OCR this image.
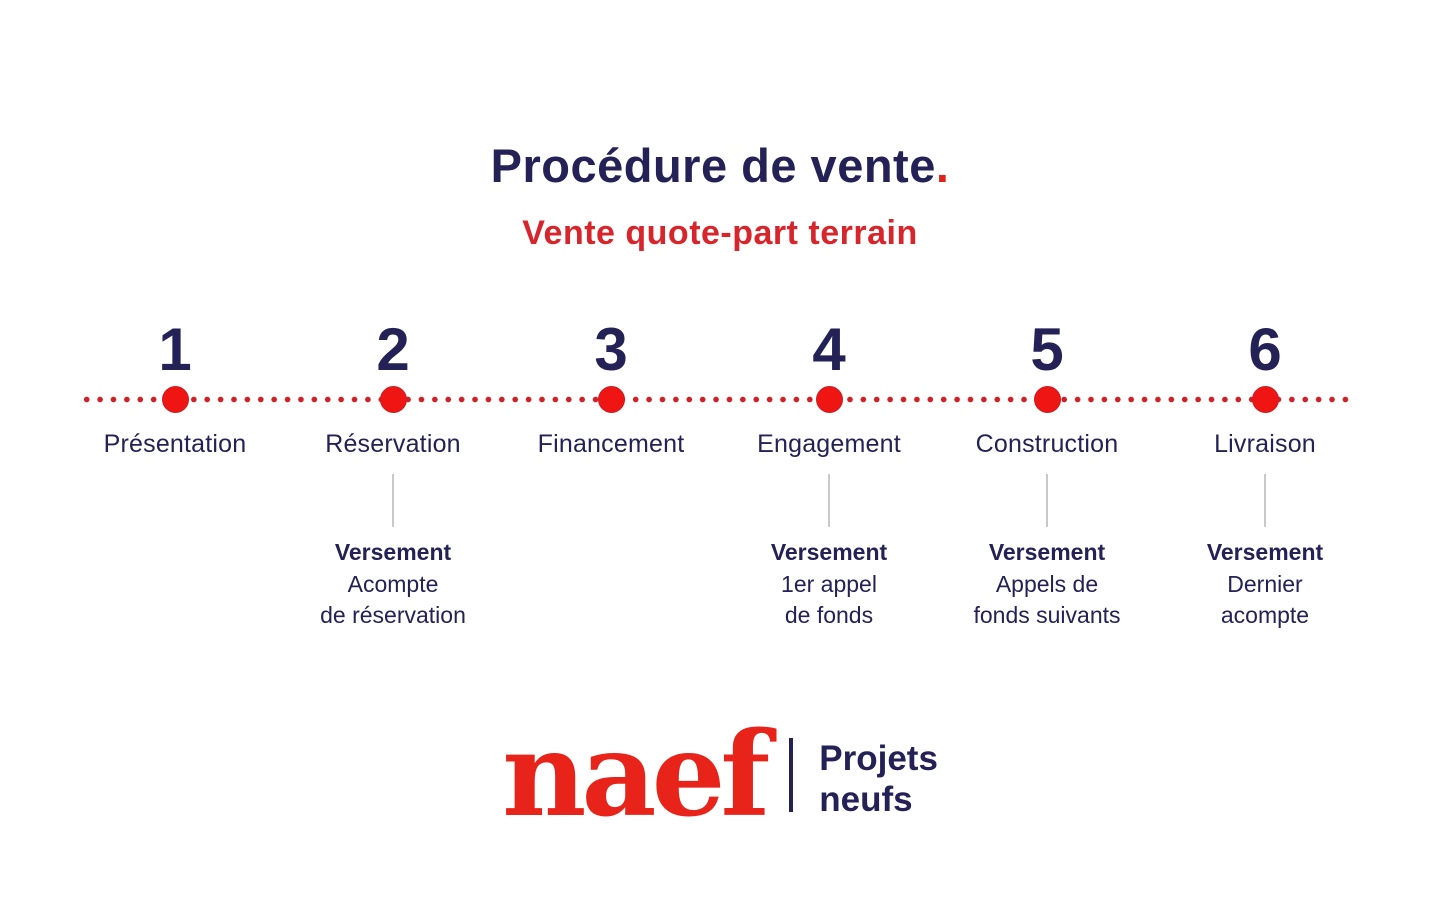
Procédure de vente.
Vente quote-part terrain
1
Présentation
2
Réservation
Versement
Acompte
de réservation
3
Financement
4
Engagement
Versement
1er appel
de fonds
5
Construction
Versement
Appels de
fonds suivants
6
Livraison
Versement
Dernier
acompte
naef Projets
neufs
